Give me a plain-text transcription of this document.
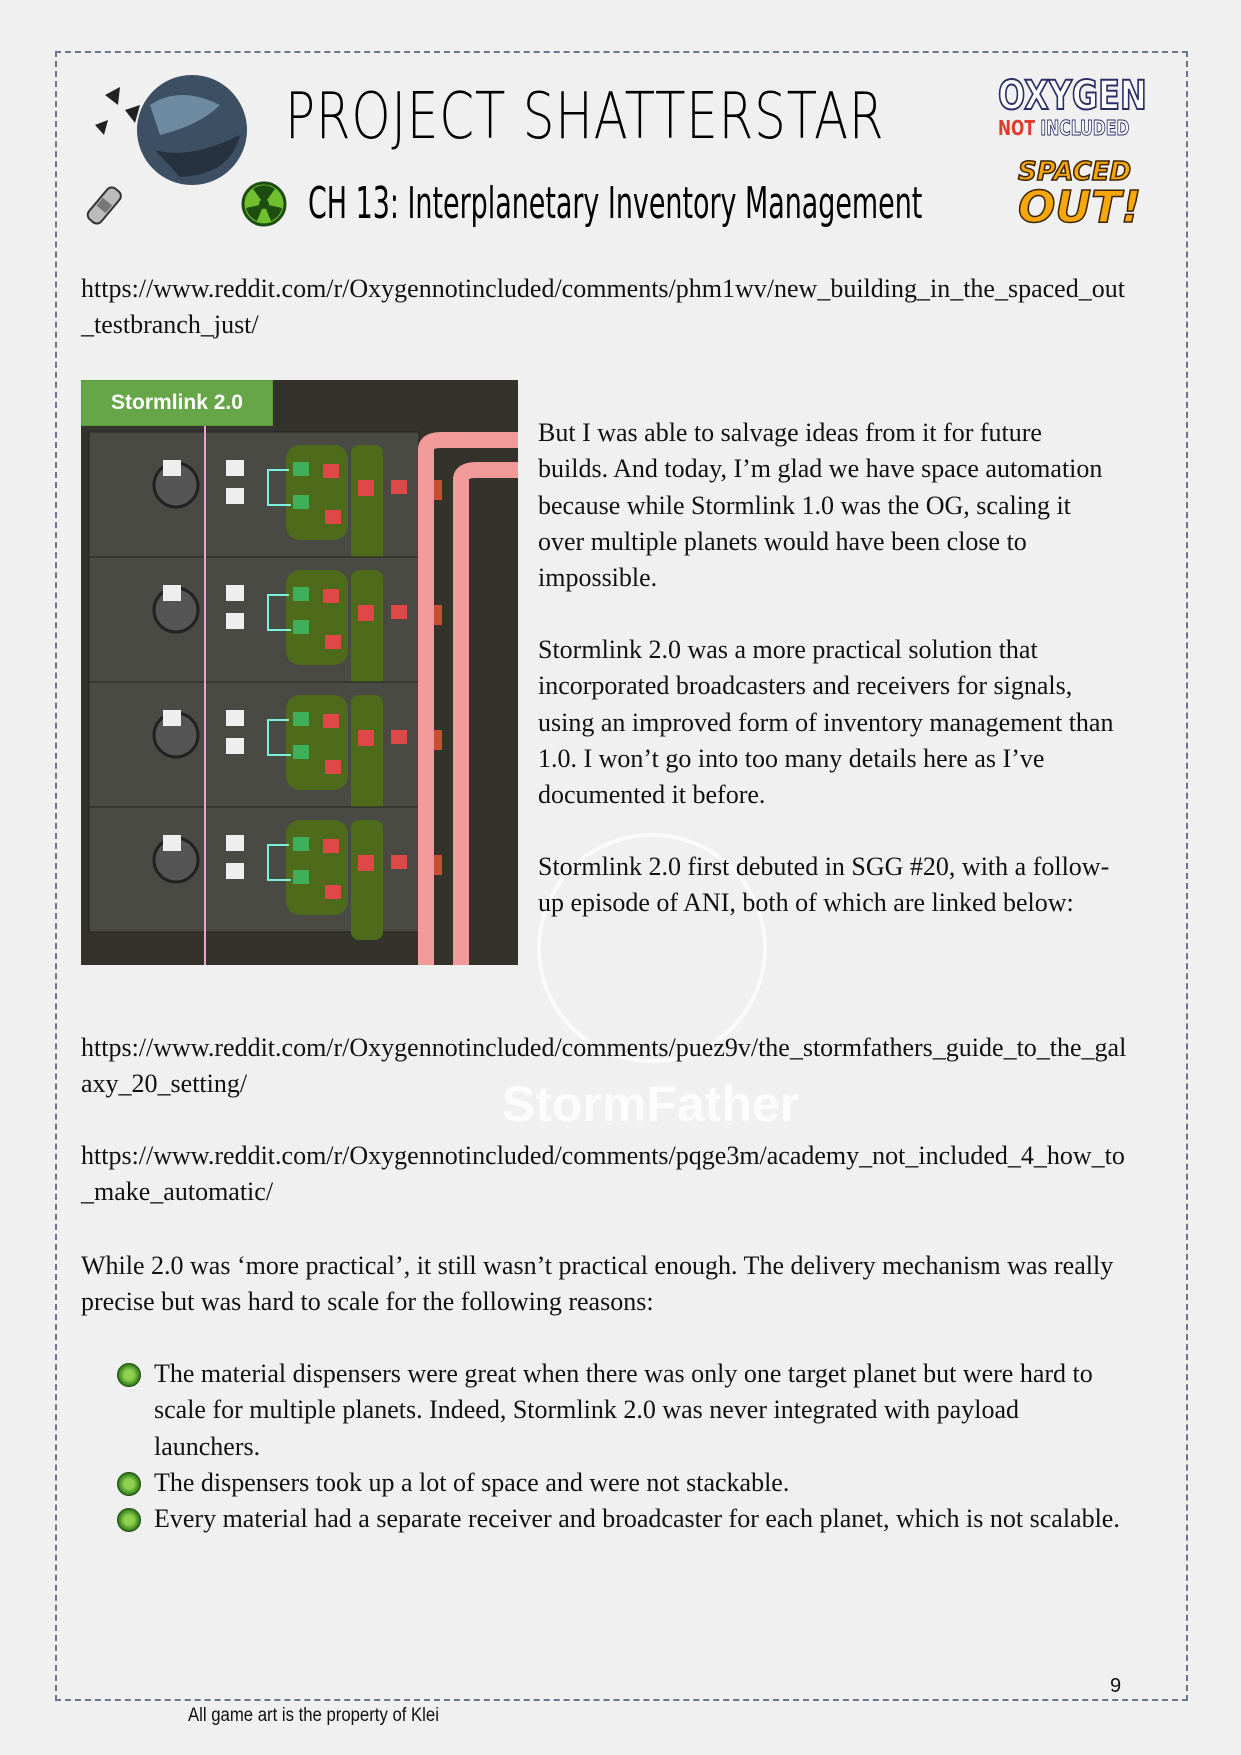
PROJECT SHATTERSTAR
CH 13: Interplanetary Inventory Management
OXYGEN
NOT INCLUDED
SPACED
OUT!
https://www.reddit.com/r/Oxygennotincluded/comments/phm1wv/new_building_in_the_spaced_out_testbranch_just/
Stormlink 2.0
StormFather
But I was able to salvage ideas from it for future builds. And today, I’m glad we have space automation because while Stormlink 1.0 was the OG, scaling it over multiple planets would have been close to impossible.
Stormlink 2.0 was a more practical solution that incorporated broadcasters and receivers for signals, using an improved form of inventory management than 1.0. I won’t go into too many details here as I’ve documented it before.
Stormlink 2.0 first debuted in SGG #20, with a follow-up episode of ANI, both of which are linked below:
https://www.reddit.com/r/Oxygennotincluded/comments/puez9v/the_stormfathers_guide_to_the_galaxy_20_setting/
https://www.reddit.com/r/Oxygennotincluded/comments/pqge3m/academy_not_included_4_how_to_make_automatic/
While 2.0 was ‘more practical’, it still wasn’t practical enough. The delivery mechanism was really precise but was hard to scale for the following reasons:
The material dispensers were great when there was only one target planet but were hard to scale for multiple planets. Indeed, Stormlink 2.0 was never integrated with payload launchers.
The dispensers took up a lot of space and were not stackable.
Every material had a separate receiver and broadcaster for each planet, which is not scalable.
9
All game art is the property of Klei
